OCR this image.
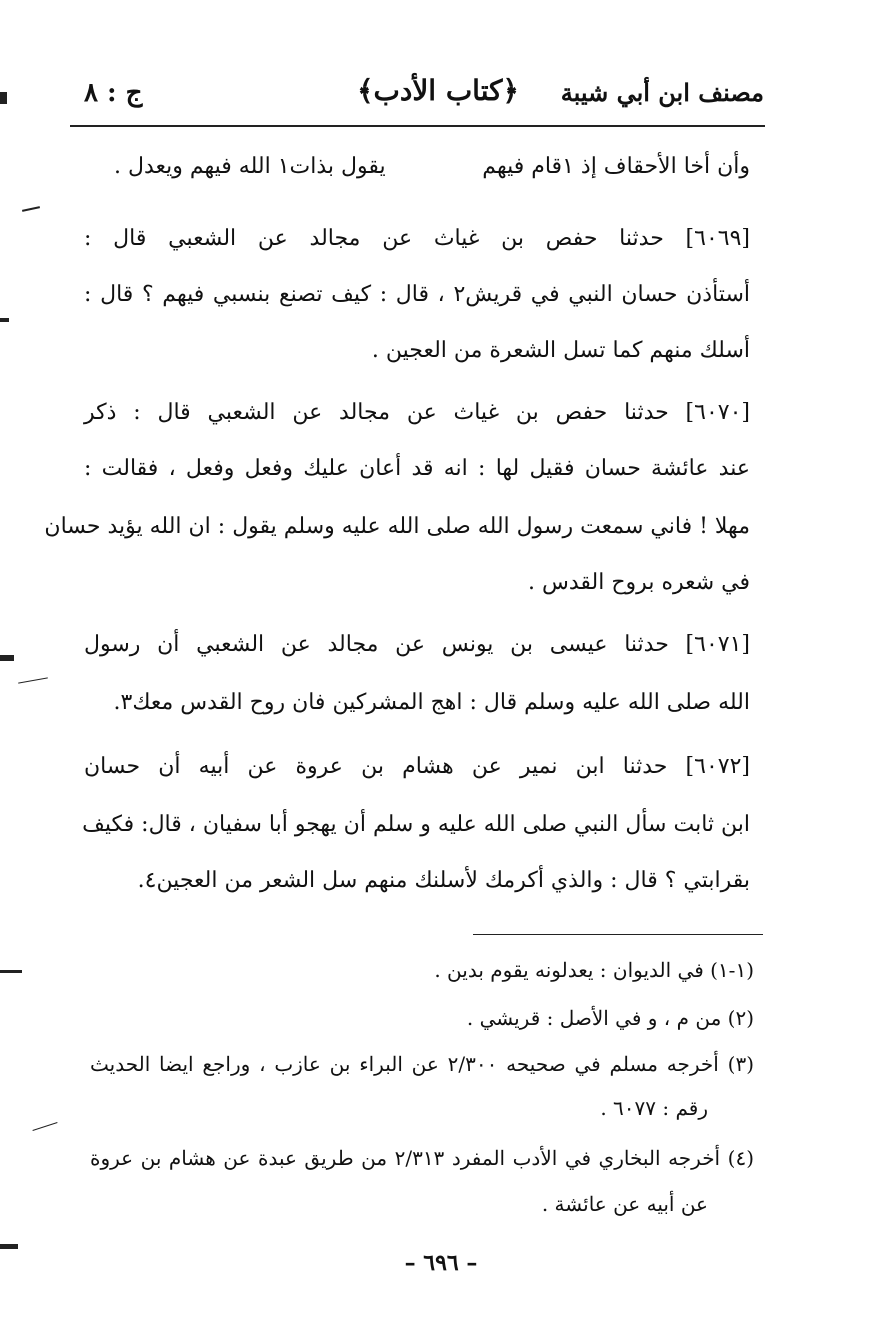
مصنف ابن أبي شيبة
﴿كتاب الأدب﴾
ج : ٨
وأن أخا الأحقاف إذ ١قام فيهم
يقول بذات١ الله فيهم ويعدل .
[٦٠٦٩] حدثنا حفص بن غياث عن مجالد عن الشعبي قال :
أستأذن حسان النبي في قريش٢ ، قال : كيف تصنع بنسبي فيهم ؟ قال :
أسلك منهم كما تسل الشعرة من العجين .
[٦٠٧٠] حدثنا حفص بن غياث عن مجالد عن الشعبي قال : ذكر
عند عائشة حسان فقيل لها : انه قد أعان عليك وفعل وفعل ، فقالت :
مهلا ! فاني سمعت رسول الله صلى الله عليه وسلم يقول : ان الله يؤيد حسان
في شعره بروح القدس .
[٦٠٧١] حدثنا عيسى بن يونس عن مجالد عن الشعبي أن رسول
الله صلى الله عليه وسلم قال : اهج المشركين فان روح القدس معك٣.
[٦٠٧٢] حدثنا ابن نمير عن هشام بن عروة عن أبيه أن حسان
ابن ثابت سأل النبي صلى الله عليه و سلم أن يهجو أبا سفيان ، قال: فكيف
بقرابتي ؟ قال : والذي أكرمك لأسلنك منهم سل الشعر من العجين٤.
(١-١) في الديوان : يعدلونه يقوم بدين .
(٢) من م ، و في الأصل : قريشي .
(٣) أخرجه مسلم في صحيحه ٢/٣٠٠ عن البراء بن عازب ، وراجع ايضا الحديث
رقم : ٦٠٧٧ .
(٤) أخرجه البخاري في الأدب المفرد ٢/٣١٣ من طريق عبدة عن هشام بن عروة
عن أبيه عن عائشة .
– ٦٩٦ –
